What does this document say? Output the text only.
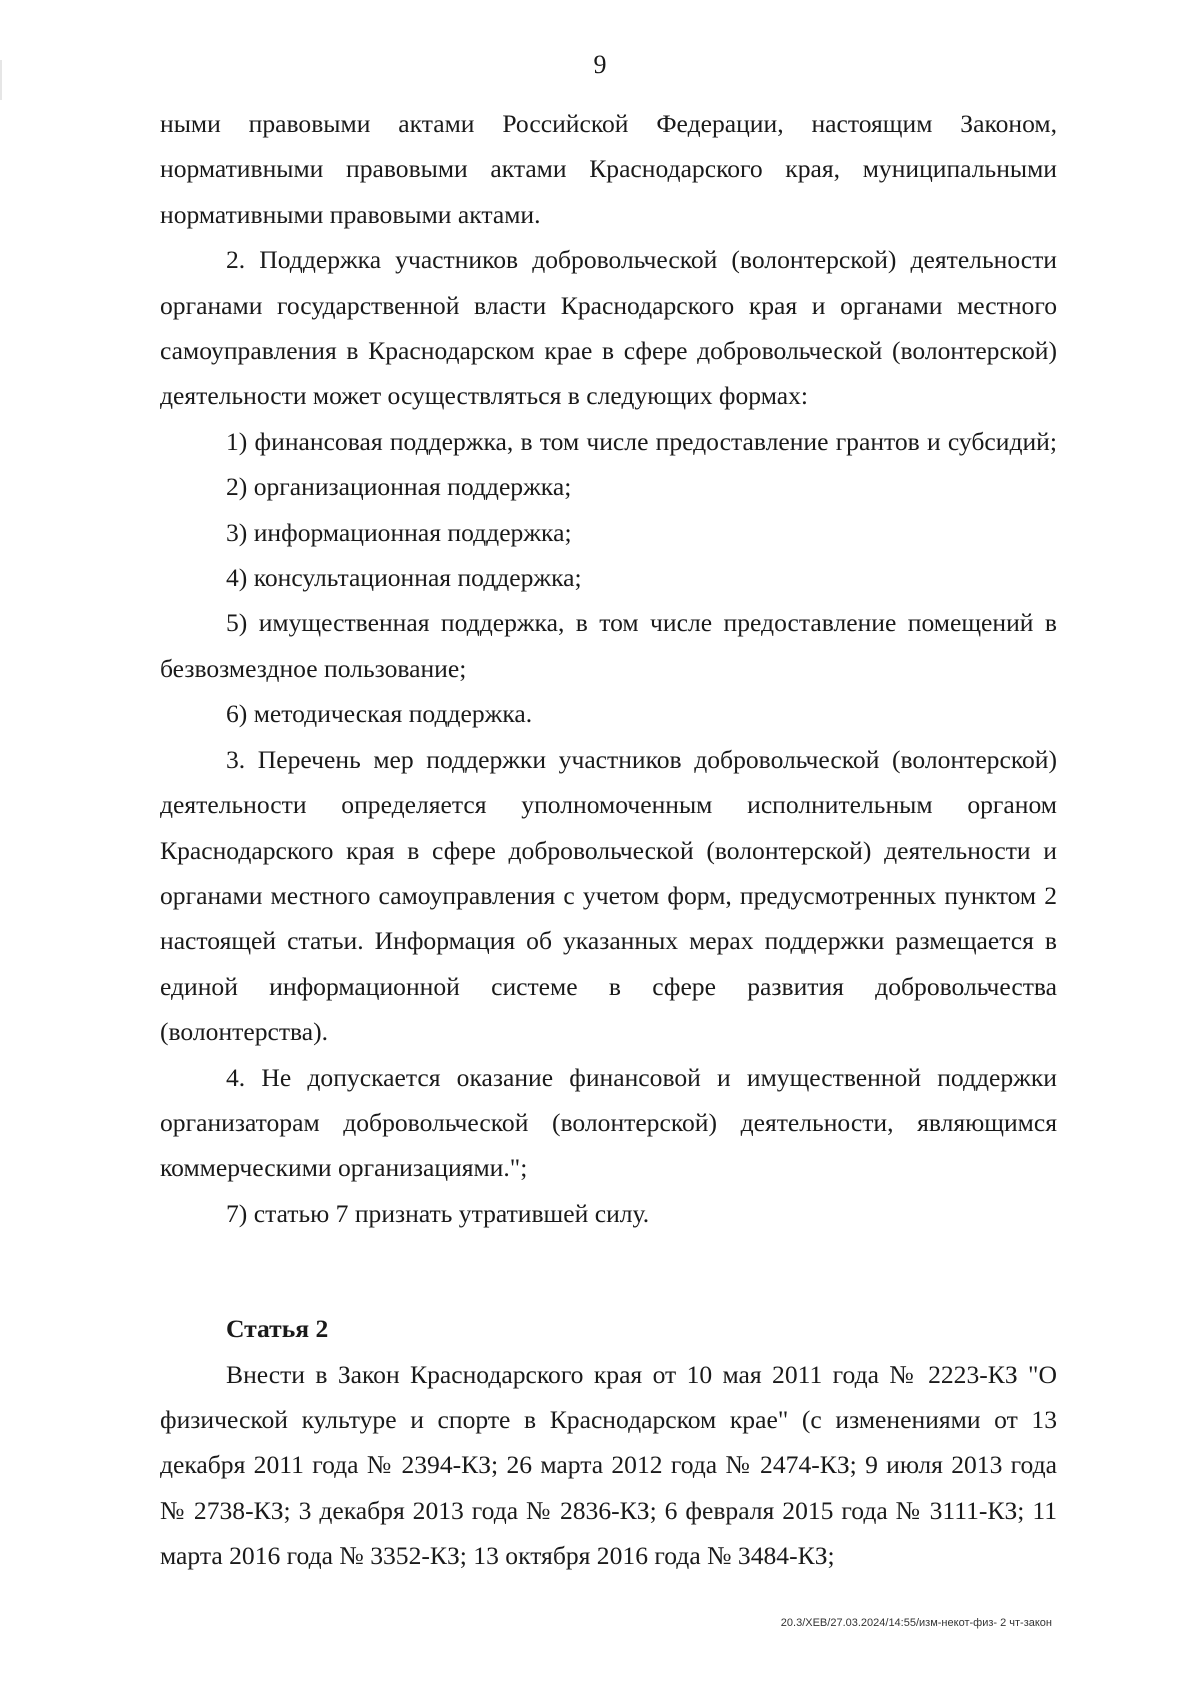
9

ными правовыми актами Российской Федерации, настоящим Законом, нормативными правовыми актами Краснодарского края, муниципальными нормативными правовыми актами.

2. Поддержка участников добровольческой (волонтерской) деятельности органами государственной власти Краснодарского края и органами местного самоуправления в Краснодарском крае в сфере добровольческой (волонтерской) деятельности может осуществляться в следующих формах:

1) финансовая поддержка, в том числе предоставление грантов и субсидий;

2) организационная поддержка;

3) информационная поддержка;

4) консультационная поддержка;

5) имущественная поддержка, в том числе предоставление помещений в безвозмездное пользование;

6) методическая поддержка.

3. Перечень мер поддержки участников добровольческой (волонтерской) деятельности определяется уполномоченным исполнительным органом Краснодарского края в сфере добровольческой (волонтерской) деятельности и органами местного самоуправления с учетом форм, предусмотренных пунктом 2 настоящей статьи. Информация об указанных мерах поддержки размещается в единой информационной системе в сфере развития добровольчества (волонтерства).

4. Не допускается оказание финансовой и имущественной поддержки организаторам добровольческой (волонтерской) деятельности, являющимся коммерческими организациями.";

7) статью 7 признать утратившей силу.

Статья 2

Внести в Закон Краснодарского края от 10 мая 2011 года № 2223-КЗ "О физической культуре и спорте в Краснодарском крае" (с изменениями от 13 декабря 2011 года № 2394-КЗ; 26 марта 2012 года № 2474-КЗ; 9 июля 2013 года № 2738-КЗ; 3 декабря 2013 года № 2836-КЗ; 6 февраля 2015 года № 3111-КЗ; 11 марта 2016 года № 3352-КЗ; 13 октября 2016 года № 3484-КЗ;

20.3/ХЕВ/27.03.2024/14:55/изм-некот-физ- 2 чт-закон
